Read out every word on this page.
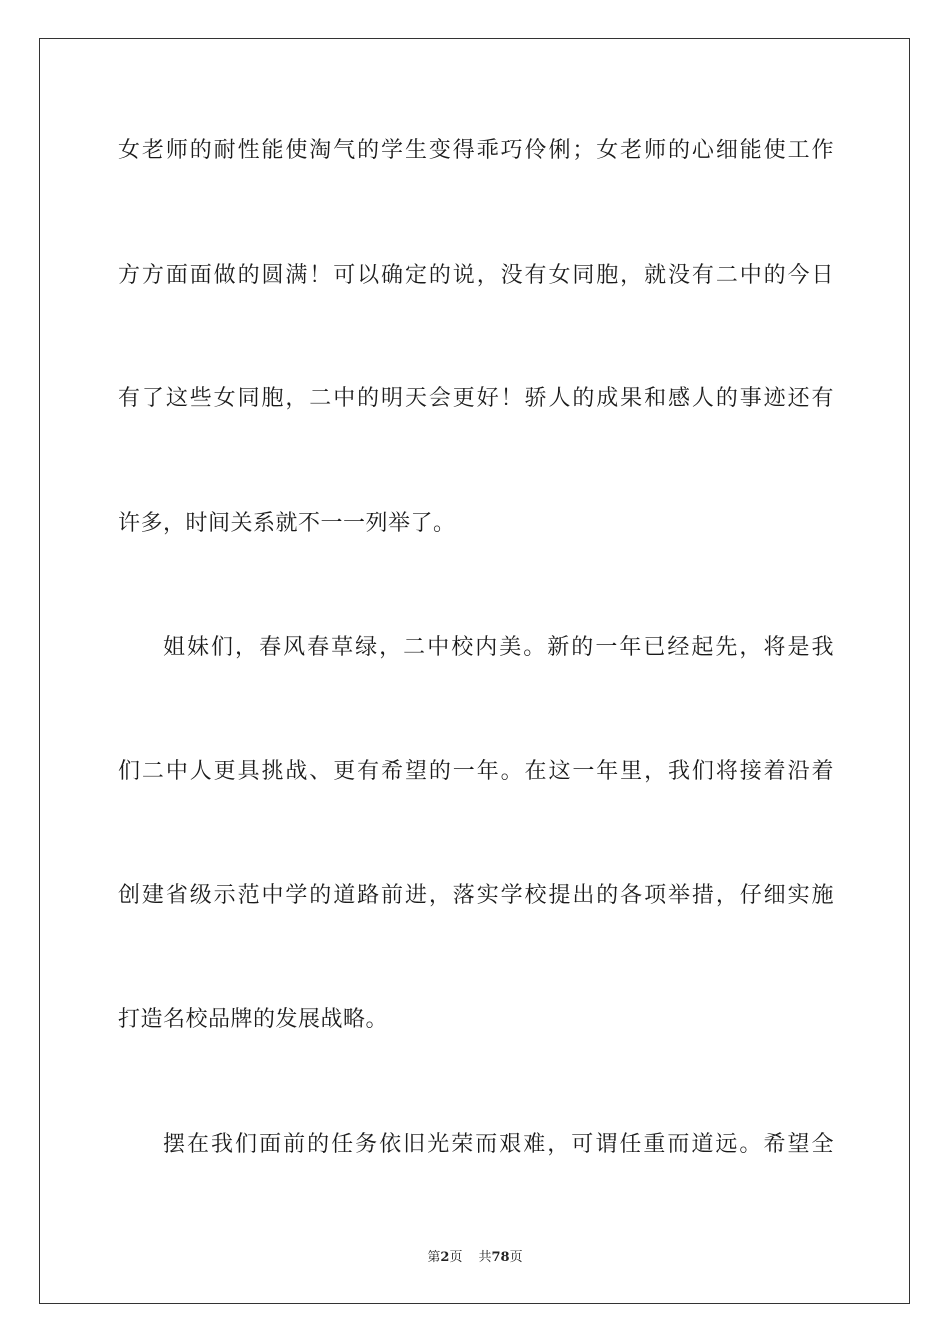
女老师的耐性能使淘气的学生变得乖巧伶俐；女老师的心细能使工作
方方面面做的圆满！可以确定的说，没有女同胞，就没有二中的今日
有了这些女同胞，二中的明天会更好！骄人的成果和感人的事迹还有
许多，时间关系就不一一列举了。
姐妹们，春风春草绿，二中校内美。新的一年已经起先，将是我
们二中人更具挑战、更有希望的一年。在这一年里，我们将接着沿着
创建省级示范中学的道路前进，落实学校提出的各项举措，仔细实施
打造名校品牌的发展战略。
摆在我们面前的任务依旧光荣而艰难，可谓任重而道远。希望全
第2页 共78页
